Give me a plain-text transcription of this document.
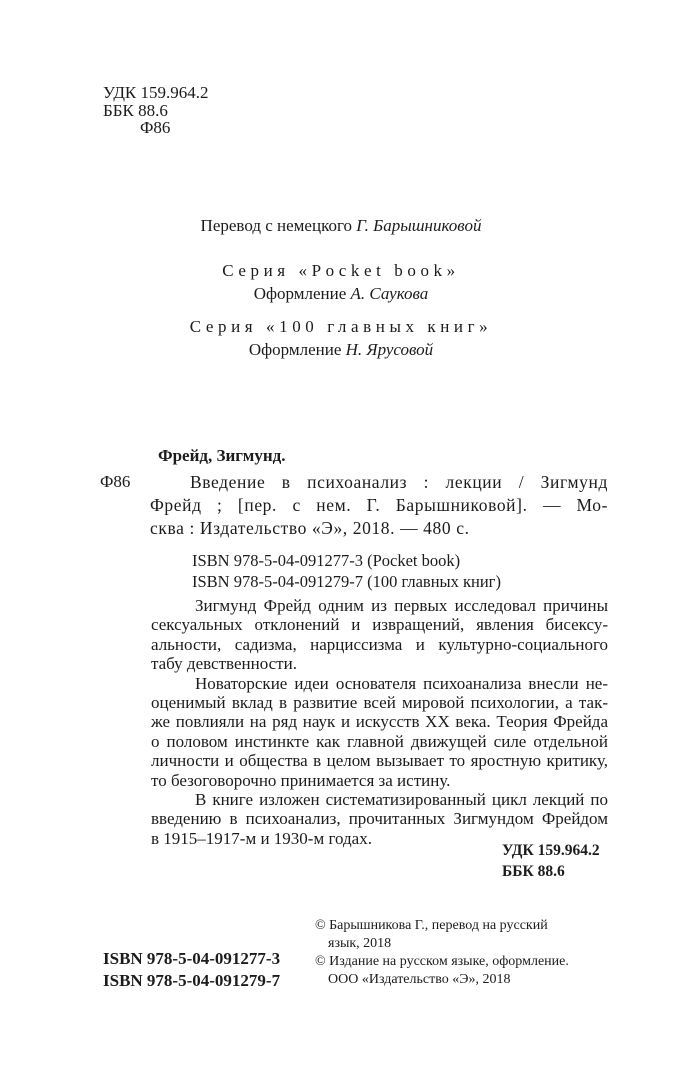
УДК 159.964.2
ББК 88.6
Ф86
Перевод с немецкого Г. Барышниковой
Серия «Pocket book»
Оформление А. Саукова
Серия «100 главных книг»
Оформление Н. Ярусовой
Фрейд, Зигмунд.
Ф86	Введение в психоанализ : лекции / Зигмунд
Фрейд ; [пер. с нем. Г. Барышниковой]. — Мо-
сква : Издательство «Э», 2018. — 480 с.
ISBN 978-5-04-091277-3 (Pocket book)
ISBN 978-5-04-091279-7 (100 главных книг)
Зигмунд Фрейд одним из первых исследовал причины
сексуальных отклонений и извращений, явления бисексу-
альности, садизма, нарциссизма и культурно-социального
табу девственности.
Новаторские идеи основателя психоанализа внесли не-
оценимый вклад в развитие всей мировой психологии, а так-
же повлияли на ряд наук и искусств XX века. Теория Фрейда
о половом инстинкте как главной движущей силе отдельной
личности и общества в целом вызывает то яростную критику,
то безоговорочно принимается за истину.
В книге изложен систематизированный цикл лекций по
введению в психоанализ, прочитанных Зигмундом Фрейдом
в 1915–1917-м и 1930-м годах.
УДК 159.964.2
ББК 88.6
ISBN 978-5-04-091277-3
ISBN 978-5-04-091279-7
© Барышникова Г., перевод на русский
язык, 2018
© Издание на русском языке, оформление.
ООО «Издательство «Э», 2018
